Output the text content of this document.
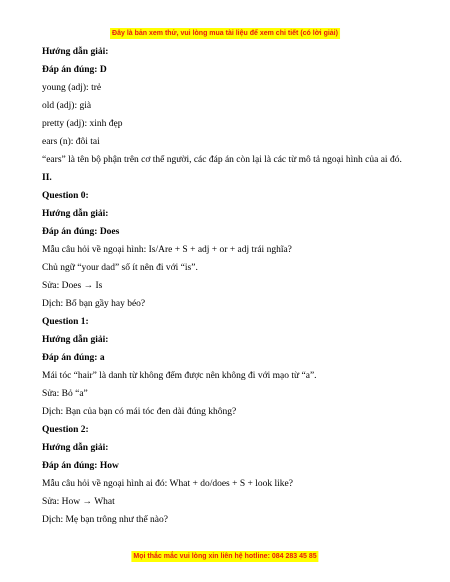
Đây là bản xem thử, vui lòng mua tài liệu để xem chi tiết (có lời giải)
Hướng dẫn giải:
Đáp án đúng: D
young (adj): trẻ
old (adj): già
pretty (adj): xinh đẹp
ears (n): đôi tai
“ears” là tên bộ phận trên cơ thể người, các đáp án còn lại là các từ mô tả ngoại hình của ai đó.
II.
Question 0:
Hướng dẫn giải:
Đáp án đúng: Does
Mẫu câu hỏi về ngoại hình: Is/Are + S + adj + or + adj trái nghĩa?
Chủ ngữ “your dad” số ít nên đi với “is”.
Sửa: Does → Is
Dịch: Bố bạn gầy hay béo?
Question 1:
Hướng dẫn giải:
Đáp án đúng: a
Mái tóc “hair” là danh từ không đếm được nên không đi với mạo từ “a”.
Sửa: Bỏ “a”
Dịch: Bạn của bạn có mái tóc đen dài đúng không?
Question 2:
Hướng dẫn giải:
Đáp án đúng: How
Mẫu câu hỏi về ngoại hình ai đó: What + do/does + S + look like?
Sửa: How → What
Dịch: Mẹ bạn trông như thế nào?
Mọi thắc mắc vui lòng xin liên hệ hotline: 084 283 45 85
